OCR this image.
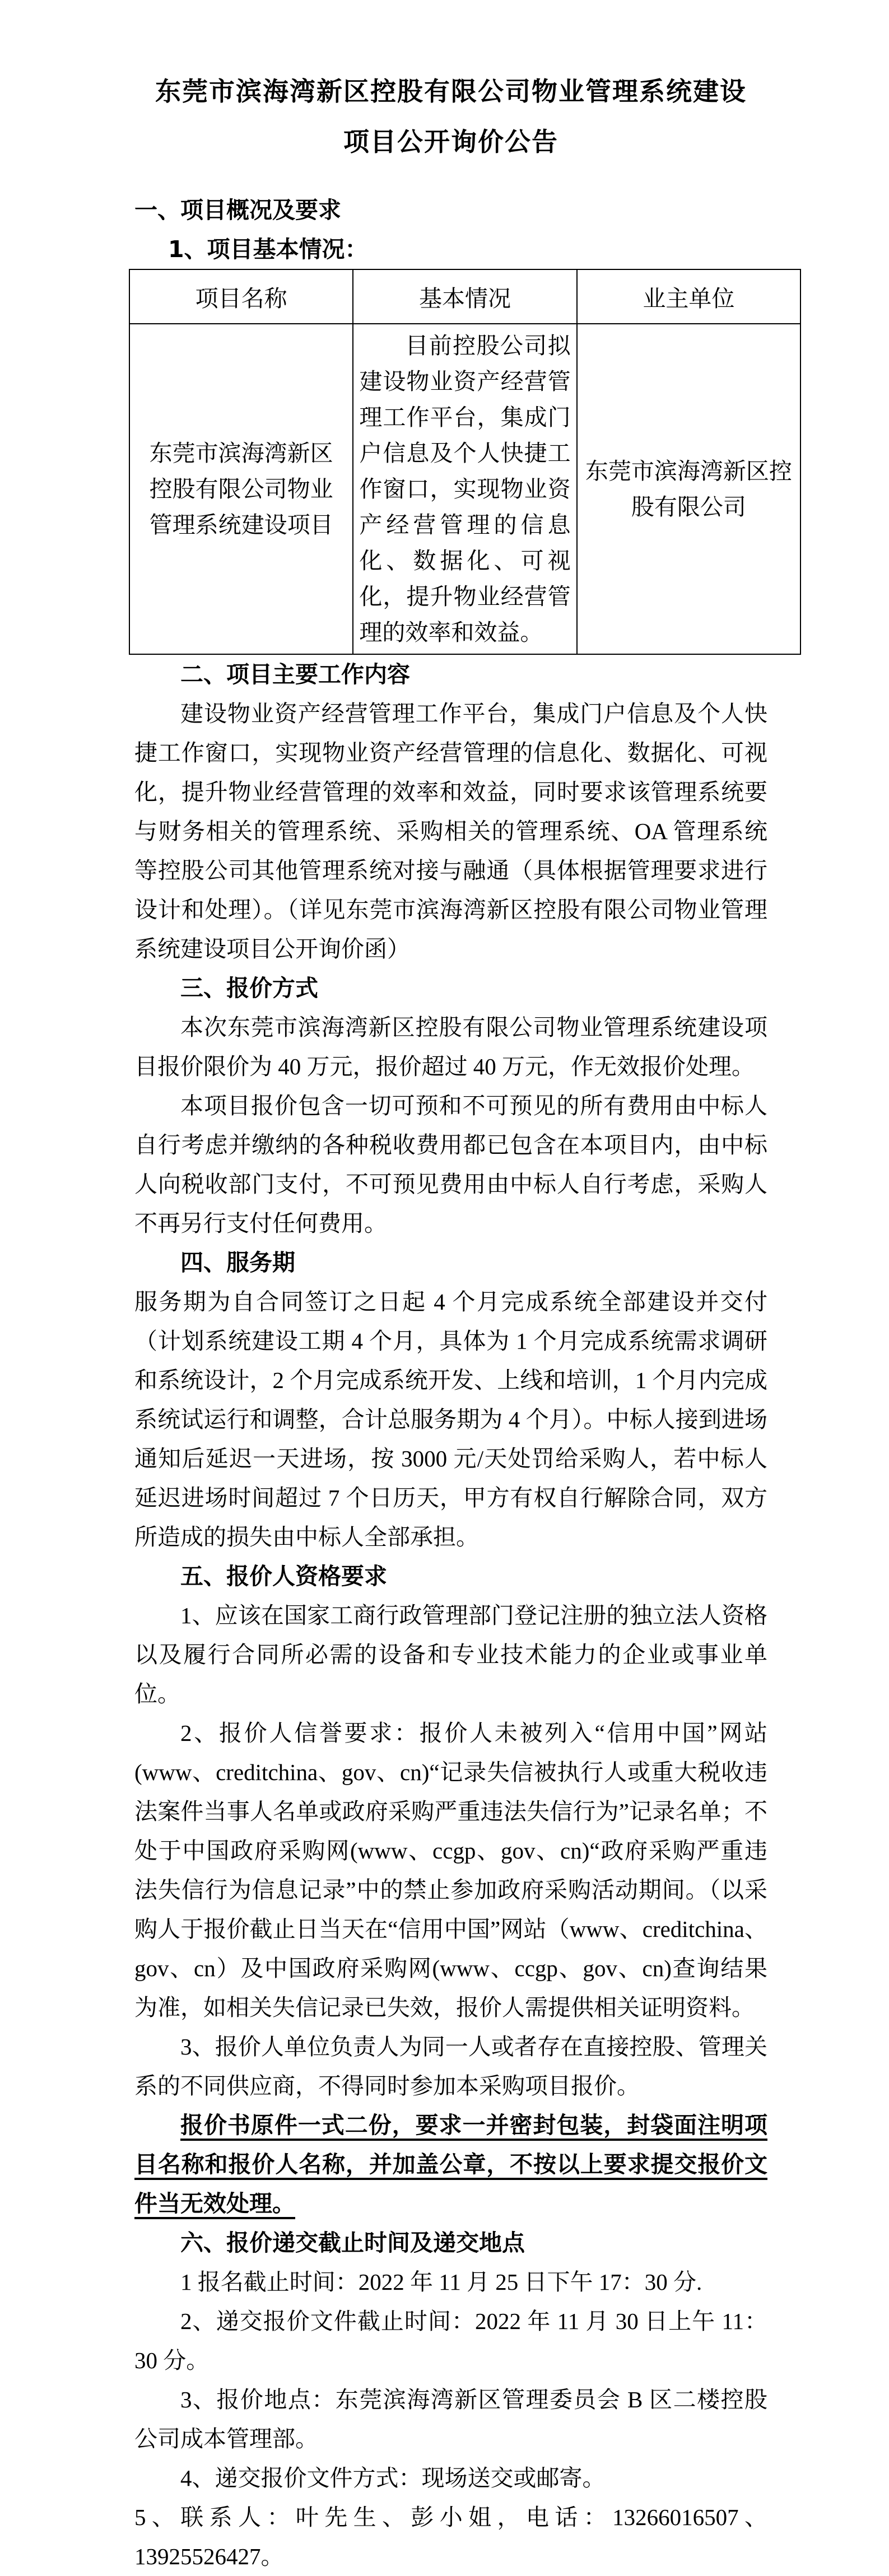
东莞市滨海湾新区控股有限公司物业管理系统建设
项目公开询价公告
一、项目概况及要求
1、项目基本情况：
项目名称	基本情况	业主单位
东莞市滨海湾新区控股有限公司物业管理系统建设项目	目前控股公司拟建设物业资产经营管理工作平台，集成门户信息及个人快捷工作窗口，实现物业资产经营管理的信息化、数据化、可视化，提升物业经营管理的效率和效益。	东莞市滨海湾新区控股有限公司
二、项目主要工作内容
建设物业资产经营管理工作平台，集成门户信息及个人快捷工作窗口，实现物业资产经营管理的信息化、数据化、可视化，提升物业经营管理的效率和效益，同时要求该管理系统要与财务相关的管理系统、采购相关的管理系统、OA 管理系统等控股公司其他管理系统对接与融通（具体根据管理要求进行设计和处理）。（详见东莞市滨海湾新区控股有限公司物业管理系统建设项目公开询价函）
三、报价方式
本次东莞市滨海湾新区控股有限公司物业管理系统建设项目报价限价为 40 万元，报价超过 40 万元，作无效报价处理。
本项目报价包含一切可预和不可预见的所有费用由中标人自行考虑并缴纳的各种税收费用都已包含在本项目内，由中标人向税收部门支付，不可预见费用由中标人自行考虑，采购人不再另行支付任何费用。
四、服务期
服务期为自合同签订之日起 4 个月完成系统全部建设并交付（计划系统建设工期 4 个月，具体为 1 个月完成系统需求调研和系统设计，2 个月完成系统开发、上线和培训，1 个月内完成系统试运行和调整，合计总服务期为 4 个月）。中标人接到进场通知后延迟一天进场，按 3000 元/天处罚给采购人，若中标人延迟进场时间超过 7 个日历天，甲方有权自行解除合同，双方所造成的损失由中标人全部承担。
五、报价人资格要求
1、应该在国家工商行政管理部门登记注册的独立法人资格以及履行合同所必需的设备和专业技术能力的企业或事业单位。
2、报价人信誉要求：报价人未被列入“信用中国”网站(www、creditchina、gov、cn)“记录失信被执行人或重大税收违法案件当事人名单或政府采购严重违法失信行为”记录名单；不处于中国政府采购网(www、ccgp、gov、cn)“政府采购严重违法失信行为信息记录”中的禁止参加政府采购活动期间。（以采购人于报价截止日当天在“信用中国”网站（www、creditchina、gov、cn）及中国政府采购网(www、ccgp、gov、cn)查询结果为准，如相关失信记录已失效，报价人需提供相关证明资料。
3、报价人单位负责人为同一人或者存在直接控股、管理关系的不同供应商，不得同时参加本采购项目报价。
报价书原件一式二份，要求一并密封包装，封袋面注明项目名称和报价人名称，并加盖公章，不按以上要求提交报价文件当无效处理。
六、报价递交截止时间及递交地点
1 报名截止时间：2022 年 11 月 25 日下午 17：30 分.
2、递交报价文件截止时间：2022 年 11 月 30 日上午 11：30 分。
3、报价地点：东莞滨海湾新区管理委员会 B 区二楼控股公司成本管理部。
4、递交报价文件方式：现场送交或邮寄。
5、联系人：叶先生、彭小姐，电话：13266016507、13925526427。
